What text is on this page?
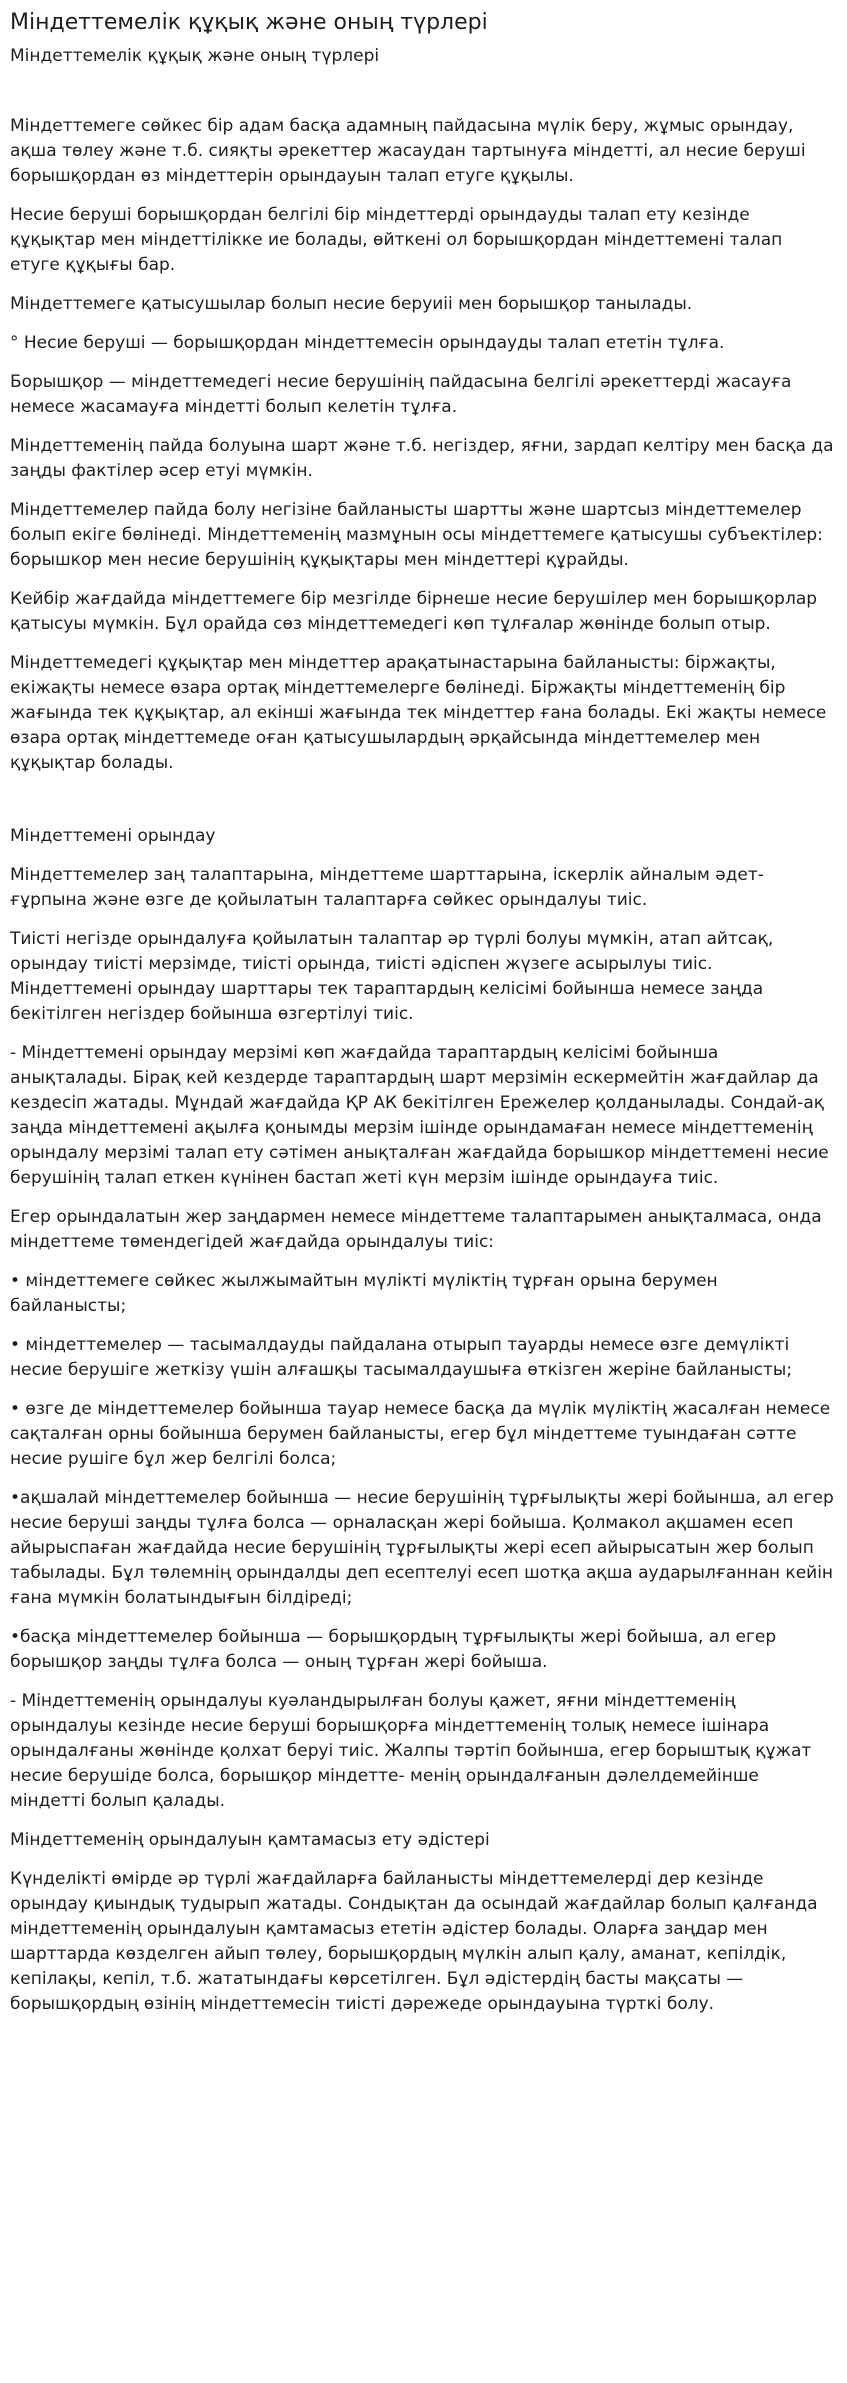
Міндеттемелік құқық және оның түрлері
Міндеттемелік құқық және оның түрлері

Міндеттемеге сөйкес бір адам басқа адамның пайдасына мүлік беру, жұмыс орындау, ақша төлеу және т.б. сияқты әрекеттер жасаудан тартынуға міндетті, ал несие беруші борышқордан өз міндеттерін орындауын талап етуге құқылы.

Несие беруші борышқордан белгілі бір міндеттерді орындауды талап ету кезінде құқықтар мен міндеттілікке ие болады, өйткені ол борышқордан міндеттемені талап етуге құқығы бар.

Міндеттемеге қатысушылар болып несие беруиіі мен борышқор танылады.

° Несие беруші — борышқордан міндеттемесін орындауды талап ететін тұлға.

Борышқор — міндеттемедегі несие берушінің пайдасына белгілі әрекеттерді жасауға немесе жасамауға міндетті болып келетін тұлға.

Міндеттеменің пайда болуына шарт және т.б. негіздер, яғни, зардап келтіру мен басқа да заңды фактілер әсер етуі мүмкін.

Міндеттемелер пайда болу негізіне байланысты шартты және шартсыз міндеттемелер болып екіге бөлінеді. Міндеттеменің мазмұнын осы міндеттемеге қатысушы субъектілер: борышкор мен несие берушінің құқықтары мен міндеттері құрайды.

Кейбір жағдайда міндеттемеге бір мезгілде бірнеше несие берушілер мен борышқорлар қатысуы мүмкін. Бұл орайда сөз міндеттемедегі көп тұлғалар жөнінде болып отыр.

Міндеттемедегі құқықтар мен міндеттер арақатынастарына байланысты: біржақты, екіжақты немесе өзара ортақ міндеттемелерге бөлінеді. Біржақты міндеттеменің бір жағында тек құқықтар, ал екінші жағында тек міндеттер ғана болады. Екі жақты немесе өзара ортақ міндеттемеде оған қатысушылардың әрқайсында міндеттемелер мен құқықтар болады.

Міндеттемені орындау

Міндеттемелер заң талаптарына, міндеттеме шарттарына, іскерлік айналым әдет-ғұрпына және өзге де қойылатын талаптарға сөйкес орындалуы тиіс.

Тиісті негізде орындалуға қойылатын талаптар әр түрлі болуы мүмкін, атап айтсақ, орындау тиісті мерзімде, тиісті орында, тиісті әдіспен жүзеге асырылуы тиіс. Міндеттемені орындау шарттары тек тараптардың келісімі бойынша немесе заңда бекітілген негіздер бойынша өзгертілуі тиіс.

- Міндеттемені орындау мерзімі көп жағдайда тараптардың келісімі бойынша анықталады. Бірақ кей кездерде тараптардың шарт мерзімін ескермейтін жағдайлар да кездесіп жатады. Мұндай жағдайда ҚР АК бекітілген Ережелер қолданылады. Сондай-ақ заңда міндеттемені ақылға қонымды мерзім ішінде орындамаған немесе міндеттеменің орындалу мерзімі талап ету сәтімен анықталған жағдайда борышкор міндеттемені несие берушінің талап еткен күнінен бастап жеті күн мерзім ішінде орындауға тиіс.

Егер орындалатын жер заңдармен немесе міндеттеме талаптарымен анықталмаса, онда міндеттеме төмендегідей жағдайда орындалуы тиіс:

• міндеттемеге сөйкес жылжымайтын мүлікті мүліктің тұрған орына берумен байланысты;

• міндеттемелер — тасымалдауды пайдалана отырып тауарды немесе өзге демүлікті несие берушіге жеткізу үшін алғашқы тасымалдаушыға өткізген жеріне байланысты;

• өзге де міндеттемелер бойынша тауар немесе басқа да мүлік мүліктің жасалған немесе сақталған орны бойынша берумен байланысты, егер бұл міндеттеме туындаған сәтте несие рушіге бұл жер белгілі болса;

•ақшалай міндеттемелер бойынша — несие берушінің тұрғылықты жері бойынша, ал егер несие беруші заңды тұлға болса — орналасқан жері бойыша. Қолмакол ақшамен есеп айырыспаған жағдайда несие берушінің тұрғылықты жері есеп айырысатын жер болып табылады. Бұл төлемнің орындалды деп есептелуі есеп шотқа ақша аударылғаннан кейін ғана мүмкін болатындығын білдіреді;

•басқа міндеттемелер бойынша — борышқордың тұрғылықты жері бойыша, ал егер борышқор заңды тұлға болса — оның тұрған жері бойыша.

- Міндеттеменің орындалуы куәландырылған болуы қажет, яғни міндеттеменің орындалуы кезінде несие беруші борышқорға міндеттеменің толық немесе ішінара орындалғаны жөнінде қолхат беруі тиіс. Жалпы тәртіп бойынша, егер борыштық құжат несие берушіде болса, борышқор міндетте- менің орындалғанын дәлелдемейінше міндетті болып қалады.

Міндеттеменің орындалуын қамтамасыз ету әдістері

Күнделікті өмірде әр түрлі жағдайларға байланысты міндеттемелерді дер кезінде орындау қиындық тудырып жатады. Сондықтан да осындай жағдайлар болып қалғанда міндеттеменің орындалуын қамтамасыз ететін әдістер болады. Оларға заңдар мен шарттарда көзделген айып төлеу, борышқордың мүлкін алып қалу, аманат, кепілдік, кепілақы, кепіл, т.б. жататындағы көрсетілген. Бұл әдістердің басты мақсаты — борышқордың өзінің міндеттемесін тиісті дәрежеде орындауына түрткі болу.
